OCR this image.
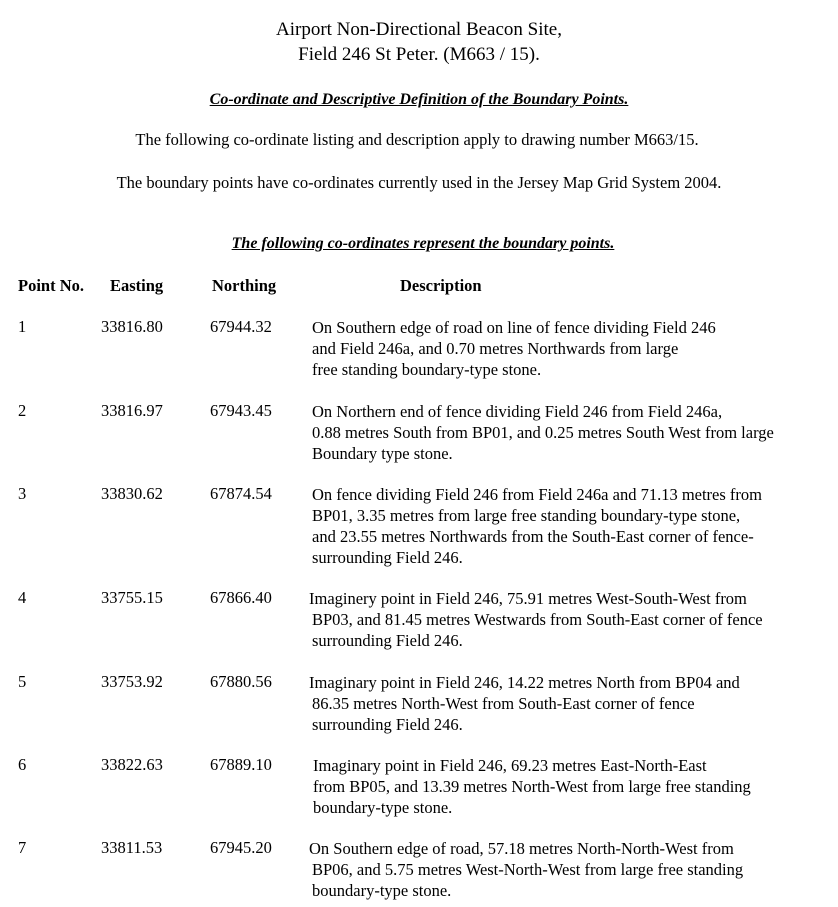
Airport Non-Directional Beacon Site,
Field 246 St Peter. (M663 / 15).
Co-ordinate and Descriptive Definition of the Boundary Points.
The following co-ordinate listing and description apply to drawing number M663/15.
The boundary points have co-ordinates currently used in the Jersey Map Grid System 2004.
The following co-ordinates represent the boundary points.
Point No. Easting	Northing	Description
1	33816.80	67944.32 On Southern edge of road on line of fence dividing Field 246
and Field 246a, and 0.70 metres Northwards from large
free standing boundary-type stone.
2	33816.97	67943.45 On Northern end of fence dividing Field 246 from Field 246a,
0.88 metres South from BP01, and 0.25 metres South West from large
Boundary type stone.
3	33830.62	67874.54 On fence dividing Field 246 from Field 246a and 71.13 metres from
BP01, 3.35 metres from large free standing boundary-type stone,
and 23.55 metres Northwards from the South-East corner of fence-
surrounding Field 246.
4	33755.15	67866.40 Imaginery point in Field 246, 75.91 metres West-South-West from
BP03, and 81.45 metres Westwards from South-East corner of fence
surrounding Field 246.
5	33753.92	67880.56 Imaginary point in Field 246, 14.22 metres North from BP04 and
86.35 metres North-West from South-East corner of fence
surrounding Field 246.
6	33822.63	67889.10 Imaginary point in Field 246, 69.23 metres East-North-East
from BP05, and 13.39 metres North-West from large free standing
boundary-type stone.
7	33811.53	67945.20 On Southern edge of road, 57.18 metres North-North-West from
BP06, and 5.75 metres West-North-West from large free standing
boundary-type stone.
